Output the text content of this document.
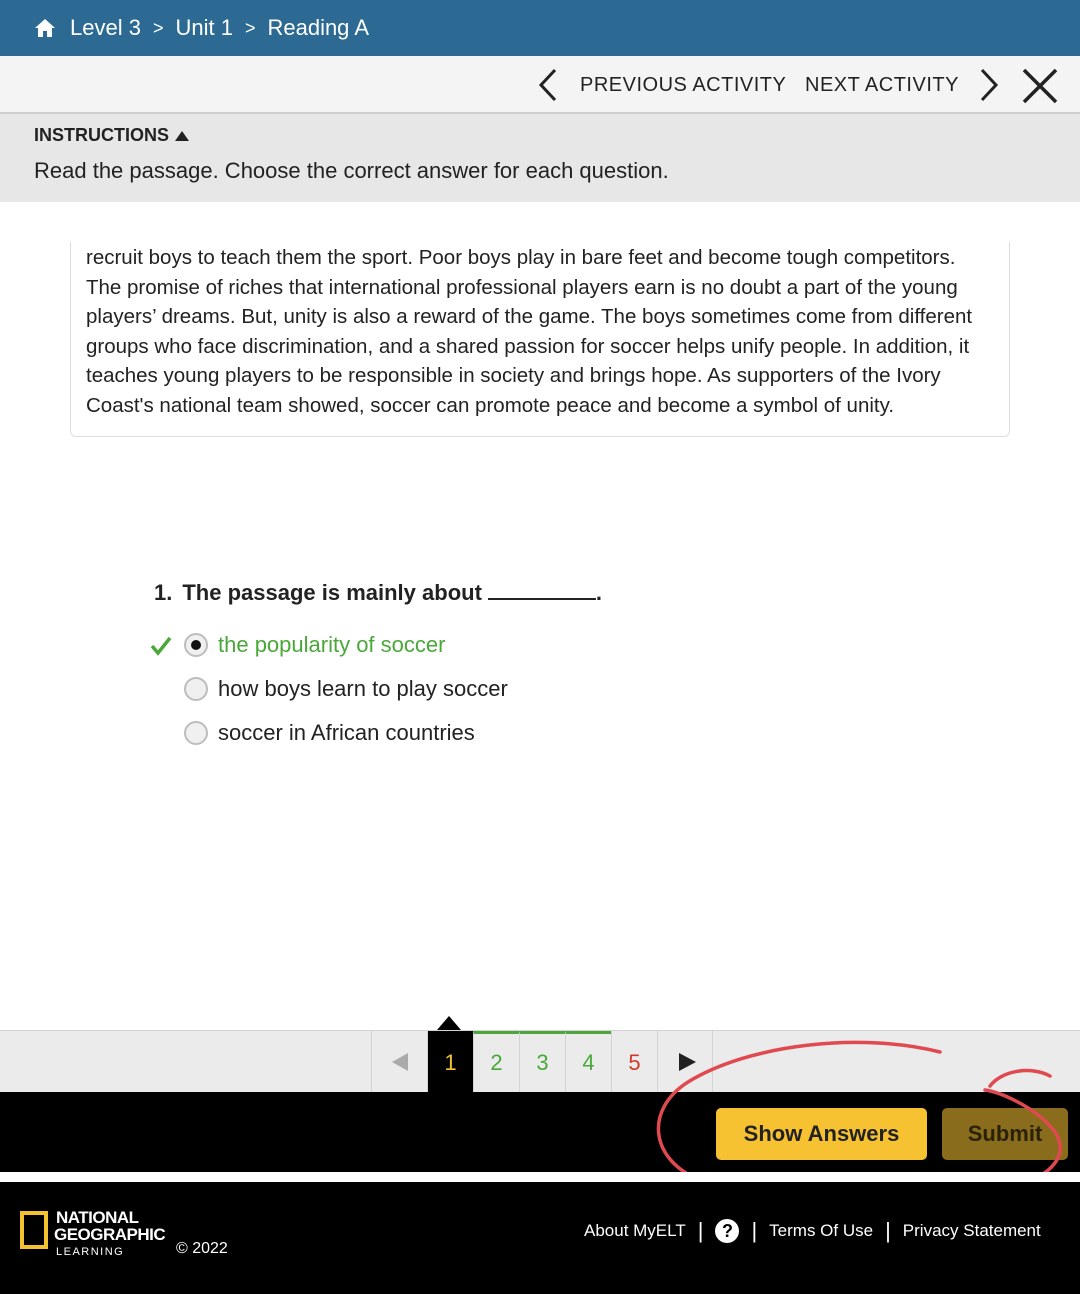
Level 3 > Unit 1 > Reading A
PREVIOUS ACTIVITY NEXT ACTIVITY
INSTRUCTIONS
Read the passage. Choose the correct answer for each question.
recruit boys to teach them the sport. Poor boys play in bare feet and become tough competitors.
The promise of riches that international professional players earn is no doubt a part of the young
players’ dreams. But, unity is also a reward of the game. The boys sometimes come from different
groups who face discrimination, and a shared passion for soccer helps unify people. In addition, it
teaches young players to be responsible in society and brings hope. As supporters of the Ivory
Coast's national team showed, soccer can promote peace and become a symbol of unity.
1. The passage is mainly about	.
the popularity of soccer
how boys learn to play soccer
soccer in African countries
1	2	3	4	5
Show Answers	Submit
NATIONAL
GEOGRAPHIC
LEARNING	© 2022
About MyELT |	? | Terms Of Use | Privacy Statement
